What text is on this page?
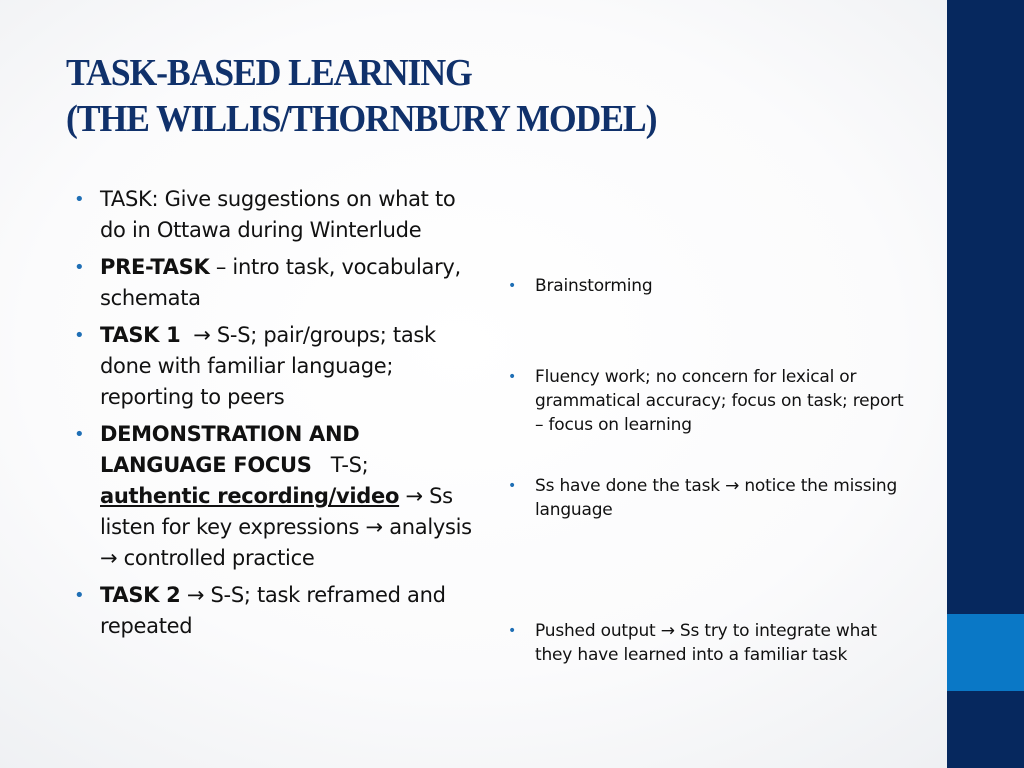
TASK-BASED LEARNING
(THE WILLIS/THORNBURY MODEL)
• TASK: Give suggestions on what to do in Ottawa during Winterlude
• PRE-TASK – intro task, vocabulary, schemata
• TASK 1  → S-S; pair/groups; task done with familiar language; reporting to peers
• DEMONSTRATION AND LANGUAGE FOCUS   T-S; authentic recording/video → Ss listen for key expressions → analysis → controlled practice
• TASK 2 → S-S; task reframed and repeated
• Brainstorming
• Fluency work; no concern for lexical or grammatical accuracy; focus on task; report – focus on learning
• Ss have done the task → notice the missing language
• Pushed output → Ss try to integrate what they have learned into a familiar task
